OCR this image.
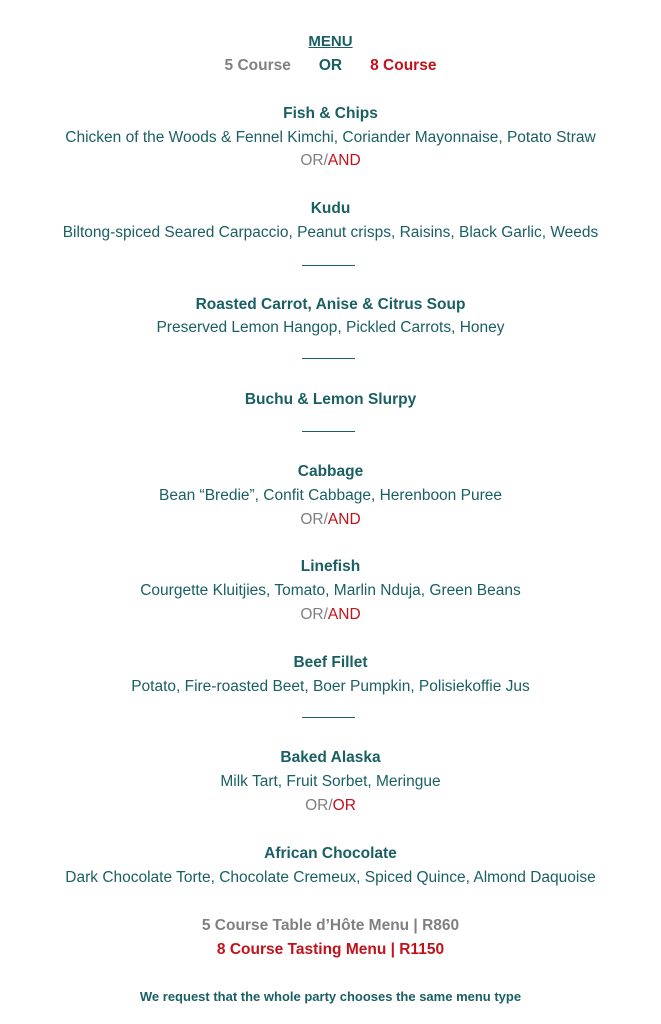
MENU
5 Course OR 8 Course
Fish & Chips
Chicken of the Woods & Fennel Kimchi, Coriander Mayonnaise, Potato Straw
OR/AND
Kudu
Biltong-spiced Seared Carpaccio, Peanut crisps, Raisins, Black Garlic, Weeds
Roasted Carrot, Anise & Citrus Soup
Preserved Lemon Hangop, Pickled Carrots, Honey
Buchu & Lemon Slurpy
Cabbage
Bean “Bredie”, Confit Cabbage, Herenboon Puree
OR/AND
Linefish
Courgette Kluitjies, Tomato, Marlin Nduja, Green Beans
OR/AND
Beef Fillet
Potato, Fire-roasted Beet, Boer Pumpkin, Polisiekoffie Jus
Baked Alaska
Milk Tart, Fruit Sorbet, Meringue
OR/OR
African Chocolate
Dark Chocolate Torte, Chocolate Cremeux, Spiced Quince, Almond Daquoise
5 Course Table d’Hôte Menu | R860
8 Course Tasting Menu | R1150
We request that the whole party chooses the same menu type
